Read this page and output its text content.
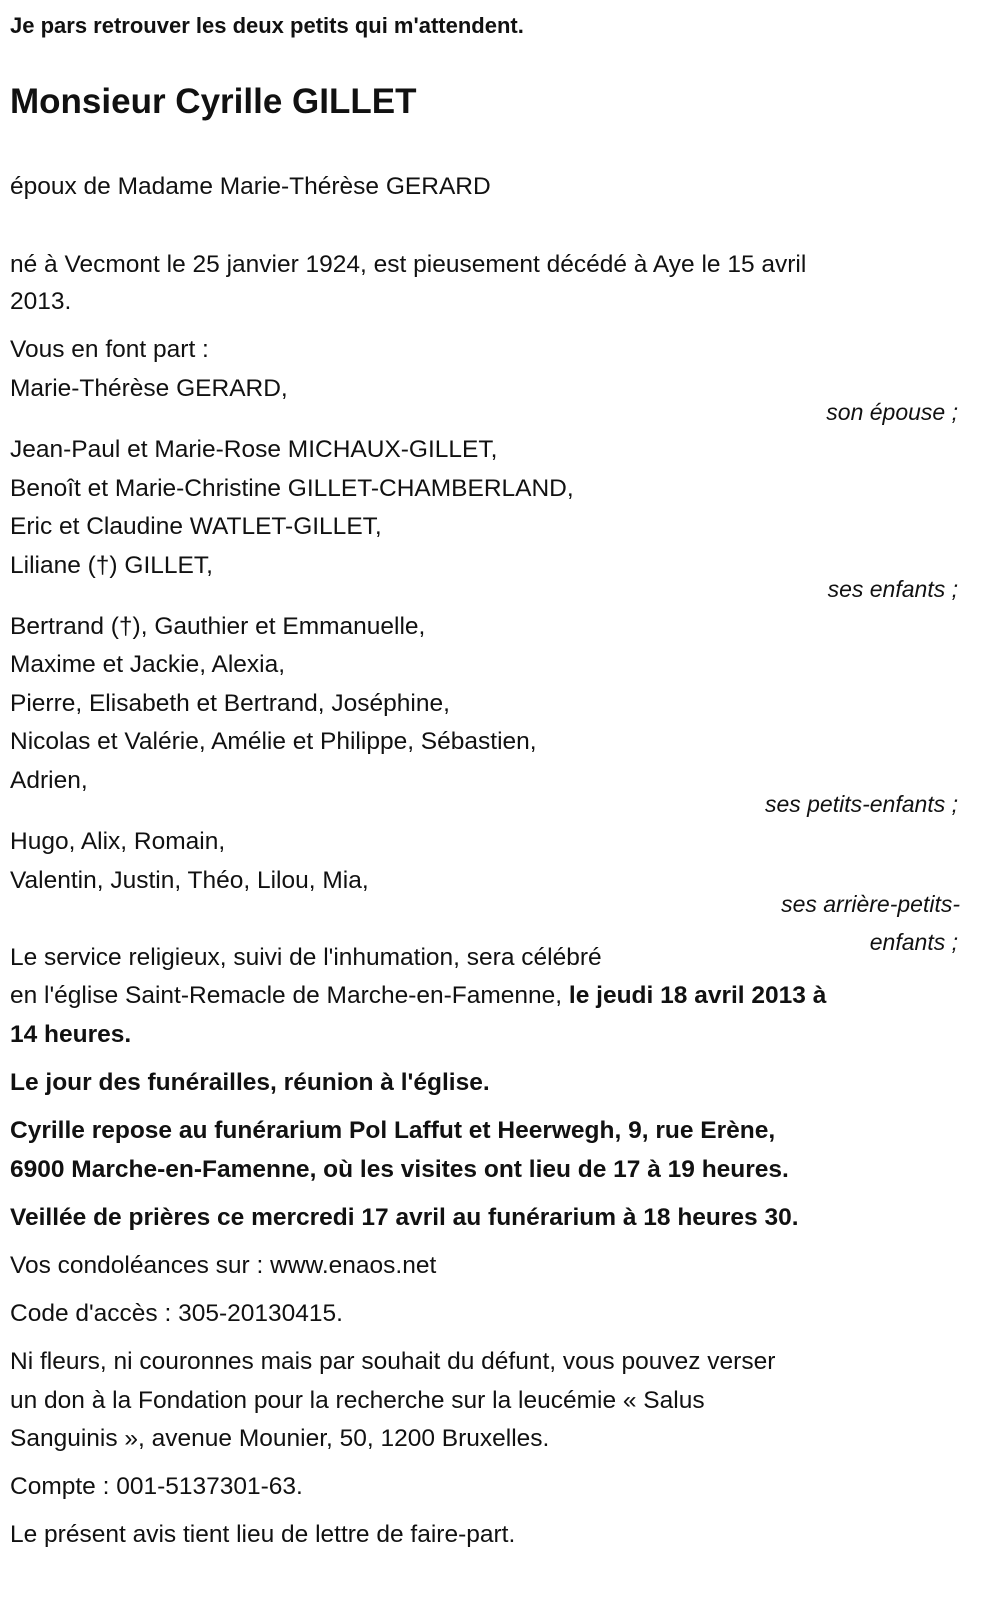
Je pars retrouver les deux petits qui m'attendent.
Monsieur Cyrille GILLET
époux de Madame Marie-Thérèse GERARD
né à Vecmont le 25 janvier 1924, est pieusement décédé à Aye le 15 avril
2013.
Vous en font part :
Marie-Thérèse GERARD,
son épouse ;
Jean-Paul et Marie-Rose MICHAUX-GILLET,
Benoît et Marie-Christine GILLET-CHAMBERLAND,
Eric et Claudine WATLET-GILLET,
Liliane (†) GILLET,
ses enfants ;
Bertrand (†), Gauthier et Emmanuelle,
Maxime et Jackie, Alexia,
Pierre, Elisabeth et Bertrand, Joséphine,
Nicolas et Valérie, Amélie et Philippe, Sébastien,
Adrien,
ses petits-enfants ;
Hugo, Alix, Romain,
Valentin, Justin, Théo, Lilou, Mia,
ses arrière-petits-
enfants ;
Le service religieux, suivi de l'inhumation, sera célébré
en l'église Saint-Remacle de Marche-en-Famenne, le jeudi 18 avril 2013 à
14 heures.
Le jour des funérailles, réunion à l'église.
Cyrille repose au funérarium Pol Laffut et Heerwegh, 9, rue Erène,
6900 Marche-en-Famenne, où les visites ont lieu de 17 à 19 heures.
Veillée de prières ce mercredi 17 avril au funérarium à 18 heures 30.
Vos condoléances sur : www.enaos.net
Code d'accès : 305-20130415.
Ni fleurs, ni couronnes mais par souhait du défunt, vous pouvez verser
un don à la Fondation pour la recherche sur la leucémie « Salus
Sanguinis », avenue Mounier, 50, 1200 Bruxelles.
Compte : 001-5137301-63.
Le présent avis tient lieu de lettre de faire-part.
